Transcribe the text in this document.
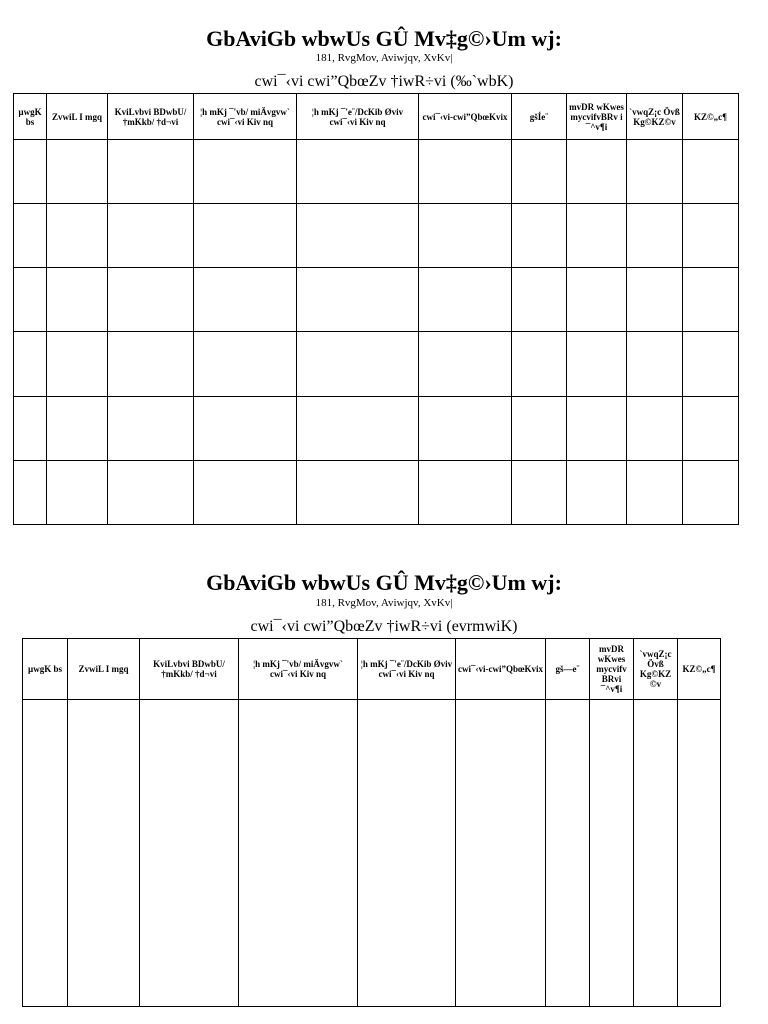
GbAviGb wbwUs GÛ Mv‡g©›Um wj:
181, RvgMov, Aviwjqv, XvKv|
cwi¯‹vi cwi”QbœZv †iwR÷vi (‰`wbK)
µwgK bs	ZvwiL I mgq	KviLvbvi BDwbU/ †mKkb/ †d¬vi	¦h mKj ¯'vb/ miÄvgvw` cwi¯‹vi Kiv nq	¦h mKj ¯'e¨/DcKib Øviv cwi¯‹vi Kiv nq	cwi¯‹vi-cwi”QbœKvix	gšÍe¨	mvDR wKwes mycvifvBRv i ¯^v¶i	`vwqZ¡c Övß Kg©KZ©v	KZ©„c¶

GbAviGb wbwUs GÛ Mv‡g©›Um wj:
181, RvgMov, Aviwjqv, XvKv|
cwi¯‹vi cwi”QbœZv †iwR÷vi (evrmwiK)
µwgK bs	ZvwiL I mgq	KviLvbvi BDwbU/ †mKkb/ †d¬vi	¦h mKj ¯'vb/ miÄvgvw` cwi¯‹vi Kiv nq	¦h mKj ¯'e¨/DcKib Øviv cwi¯‹vi Kiv nq	cwi¯‹vi-cwi”QbœKvix	gš—e¨	mvDR wKwes mycvifv BRvi ¯^v¶i	`vwqZ¡c Övß Kg©KZ ©v	KZ©„c¶
